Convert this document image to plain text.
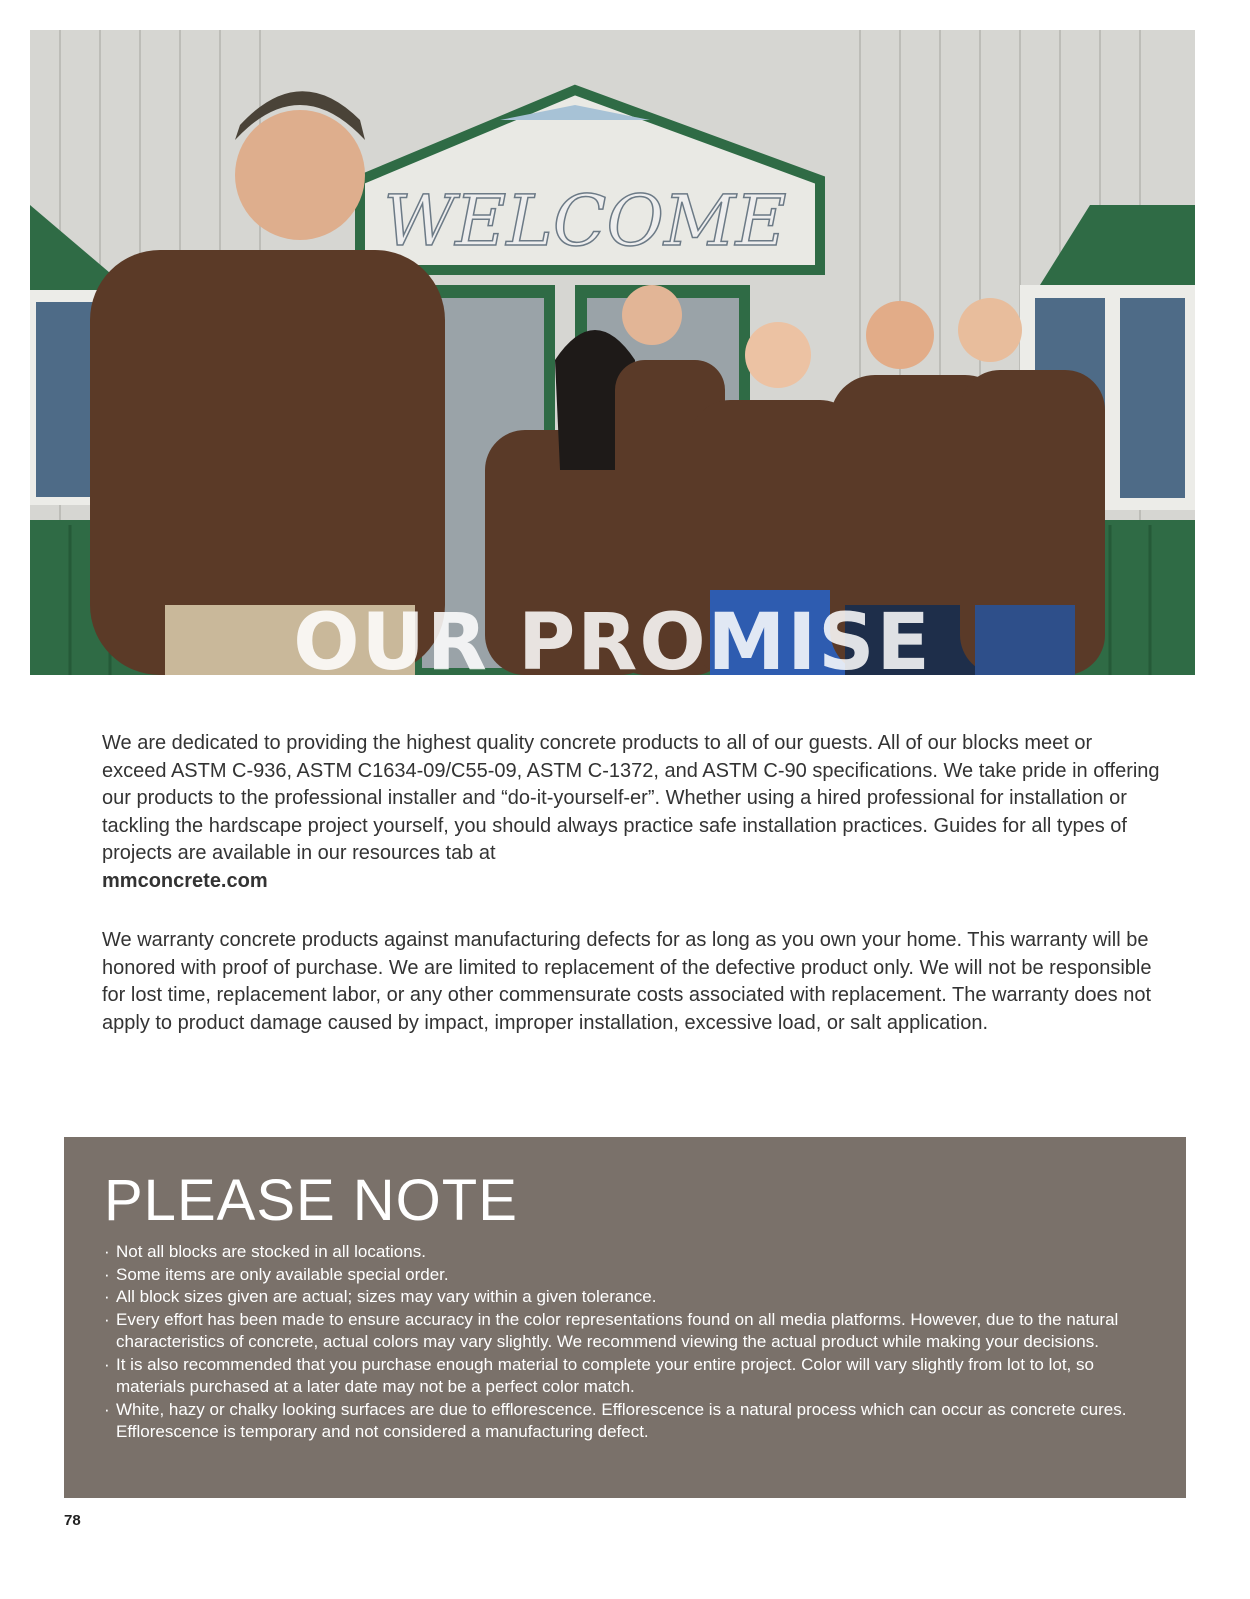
WELCOME
OUR PROMISE
We are dedicated to providing the highest quality concrete products to all of our guests. All of our blocks meet or exceed ASTM C-936, ASTM C1634-09/C55-09, ASTM C-1372, and ASTM C-90 specifications. We take pride in offering our products to the professional installer and “do-it-yourself-er”. Whether using a hired professional for installation or tackling the hardscape project yourself, you should always practice safe installation practices. Guides for all types of projects are available in our resources tab at
mmconcrete.com
We warranty concrete products against manufacturing defects for as long as you own your home. This warranty will be honored with proof of purchase. We are limited to replacement of the defective product only. We will not be responsible for lost time, replacement labor, or any other commensurate costs associated with replacement. The warranty does not apply to product damage caused by impact, improper installation, excessive load, or salt application.
PLEASE NOTE
· Not all blocks are stocked in all locations.
· Some items are only available special order.
· All block sizes given are actual; sizes may vary within a given tolerance.
· Every effort has been made to ensure accuracy in the color representations found on all media platforms. However, due to the natural characteristics of concrete, actual colors may vary slightly. We recommend viewing the actual product while making your decisions.
· It is also recommended that you purchase enough material to complete your entire project. Color will vary slightly from lot to lot, so materials purchased at a later date may not be a perfect color match.
· White, hazy or chalky looking surfaces are due to efflorescence. Efflorescence is a natural process which can occur as concrete cures. Efflorescence is temporary and not considered a manufacturing defect.
78
